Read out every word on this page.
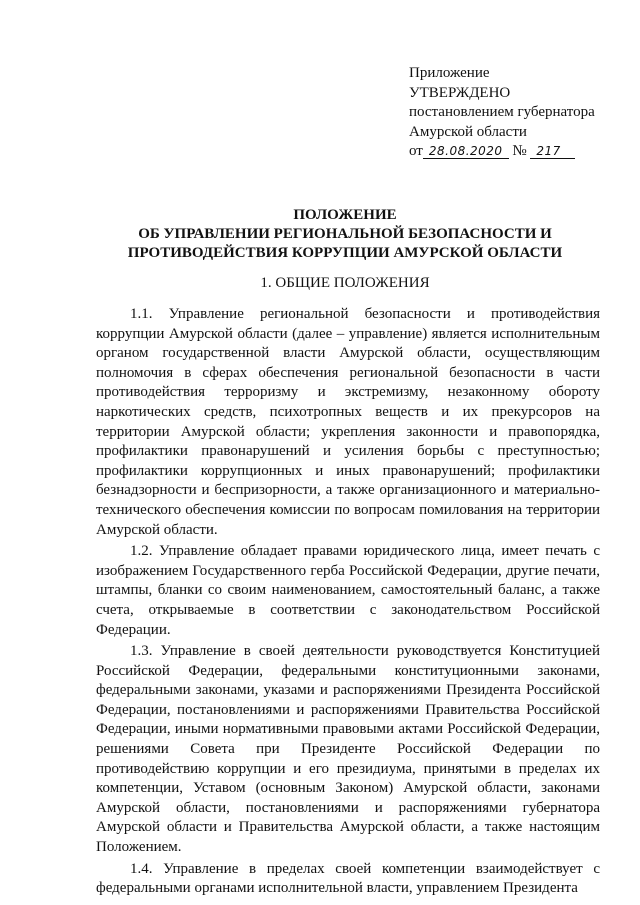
Приложение
УТВЕРЖДЕНО
постановлением губернатора
Амурской области
от 28.08.2020 № 217
ПОЛОЖЕНИЕ
ОБ УПРАВЛЕНИИ РЕГИОНАЛЬНОЙ БЕЗОПАСНОСТИ И
ПРОТИВОДЕЙСТВИЯ КОРРУПЦИИ АМУРСКОЙ ОБЛАСТИ
1. ОБЩИЕ ПОЛОЖЕНИЯ

1.1. Управление региональной безопасности и противодействия коррупции Амурской области (далее – управление) является исполнительным органом государственной власти Амурской области, осуществляющим полномочия в сферах обеспечения региональной безопасности в части противодействия терроризму и экстремизму, незаконному обороту наркотических средств, психотропных веществ и их прекурсоров на территории Амурской области; укрепления законности и правопорядка, профилактики правонарушений и усиления борьбы с преступностью; профилактики коррупционных и иных правонарушений; профилактики безнадзорности и беспризорности, а также организационного и материально-технического обеспечения комиссии по вопросам помилования на территории Амурской области.

1.2. Управление обладает правами юридического лица, имеет печать с изображением Государственного герба Российской Федерации, другие печати, штампы, бланки со своим наименованием, самостоятельный баланс, а также счета, открываемые в соответствии с законодательством Российской Федерации.

1.3. Управление в своей деятельности руководствуется Конституцией Российской Федерации, федеральными конституционными законами, федеральными законами, указами и распоряжениями Президента Российской Федерации, постановлениями и распоряжениями Правительства Российской Федерации, иными нормативными правовыми актами Российской Федерации, решениями Совета при Президенте Российской Федерации по противодействию коррупции и его президиума, принятыми в пределах их компетенции, Уставом (основным Законом) Амурской области, законами Амурской области, постановлениями и распоряжениями губернатора Амурской области и Правительства Амурской области, а также настоящим Положением.

1.4. Управление в пределах своей компетенции взаимодействует с федеральными органами исполнительной власти, управлением Президента
